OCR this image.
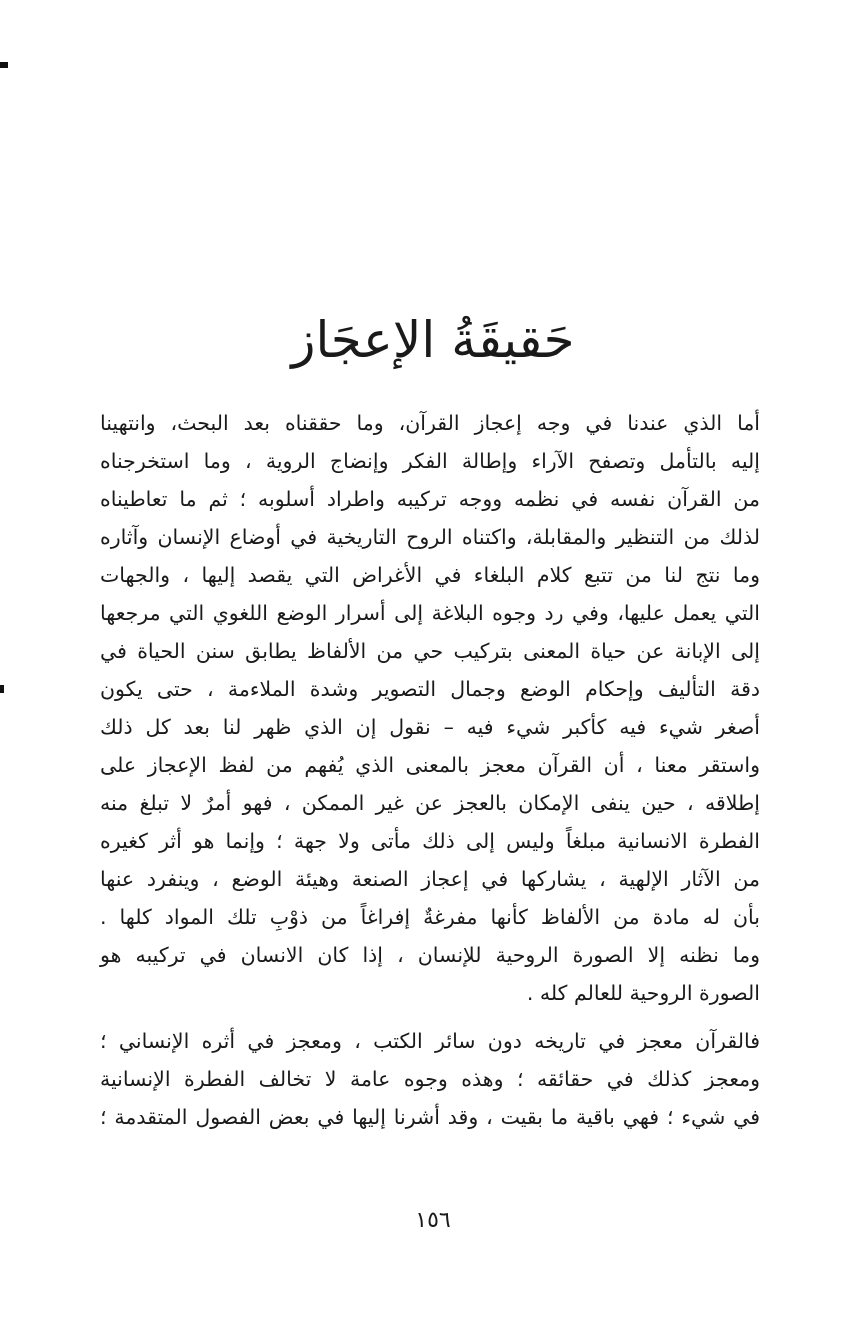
حَقيقَةُ الإعجَاز
أما الذي عندنا في وجه إعجاز القرآن، وما حققناه بعد البحث، وانتهينا
إليه بالتأمل وتصفح الآراء وإطالة الفكر وإنضاج الروية ، وما استخرجناه
من القرآن نفسه في نظمه ووجه تركيبه واطراد أسلوبه ؛ ثم ما تعاطيناه
لذلك من التنظير والمقابلة، واكتناه الروح التاريخية في أوضاع الإنسان وآثاره
وما نتج لنا من تتبع كلام البلغاء في الأغراض التي يقصد إليها ، والجهات
التي يعمل عليها، وفي رد وجوه البلاغة إلى أسرار الوضع اللغوي التي مرجعها
إلى الإبانة عن حياة المعنى بتركيب حي من الألفاظ يطابق سنن الحياة في
دقة التأليف وإحكام الوضع وجمال التصوير وشدة الملاءمة ، حتى يكون
أصغر شيء فيه كأكبر شيء فيه – نقول إن الذي ظهر لنا بعد كل ذلك
واستقر معنا ، أن القرآن معجز بالمعنى الذي يُفهم من لفظ الإعجاز على
إطلاقه ، حين ينفى الإمكان بالعجز عن غير الممكن ، فهو أمرٌ لا تبلغ منه
الفطرة الانسانية مبلغاً وليس إلى ذلك مأتى ولا جهة ؛ وإنما هو أثر كغيره
من الآثار الإلهية ، يشاركها في إعجاز الصنعة وهيئة الوضع ، وينفرد عنها
بأن له مادة من الألفاظ كأنها مفرغةٌ إفراغاً من ذوْبِ تلك المواد كلها .
وما نظنه إلا الصورة الروحية للإنسان ، إذا كان الانسان في تركيبه هو
الصورة الروحية للعالم كله .
فالقرآن معجز في تاريخه دون سائر الكتب ، ومعجز في أثره الإنساني ؛
ومعجز كذلك في حقائقه ؛ وهذه وجوه عامة لا تخالف الفطرة الإنسانية
في شيء ؛ فهي باقية ما بقيت ، وقد أشرنا إليها في بعض الفصول المتقدمة ؛
١٥٦
